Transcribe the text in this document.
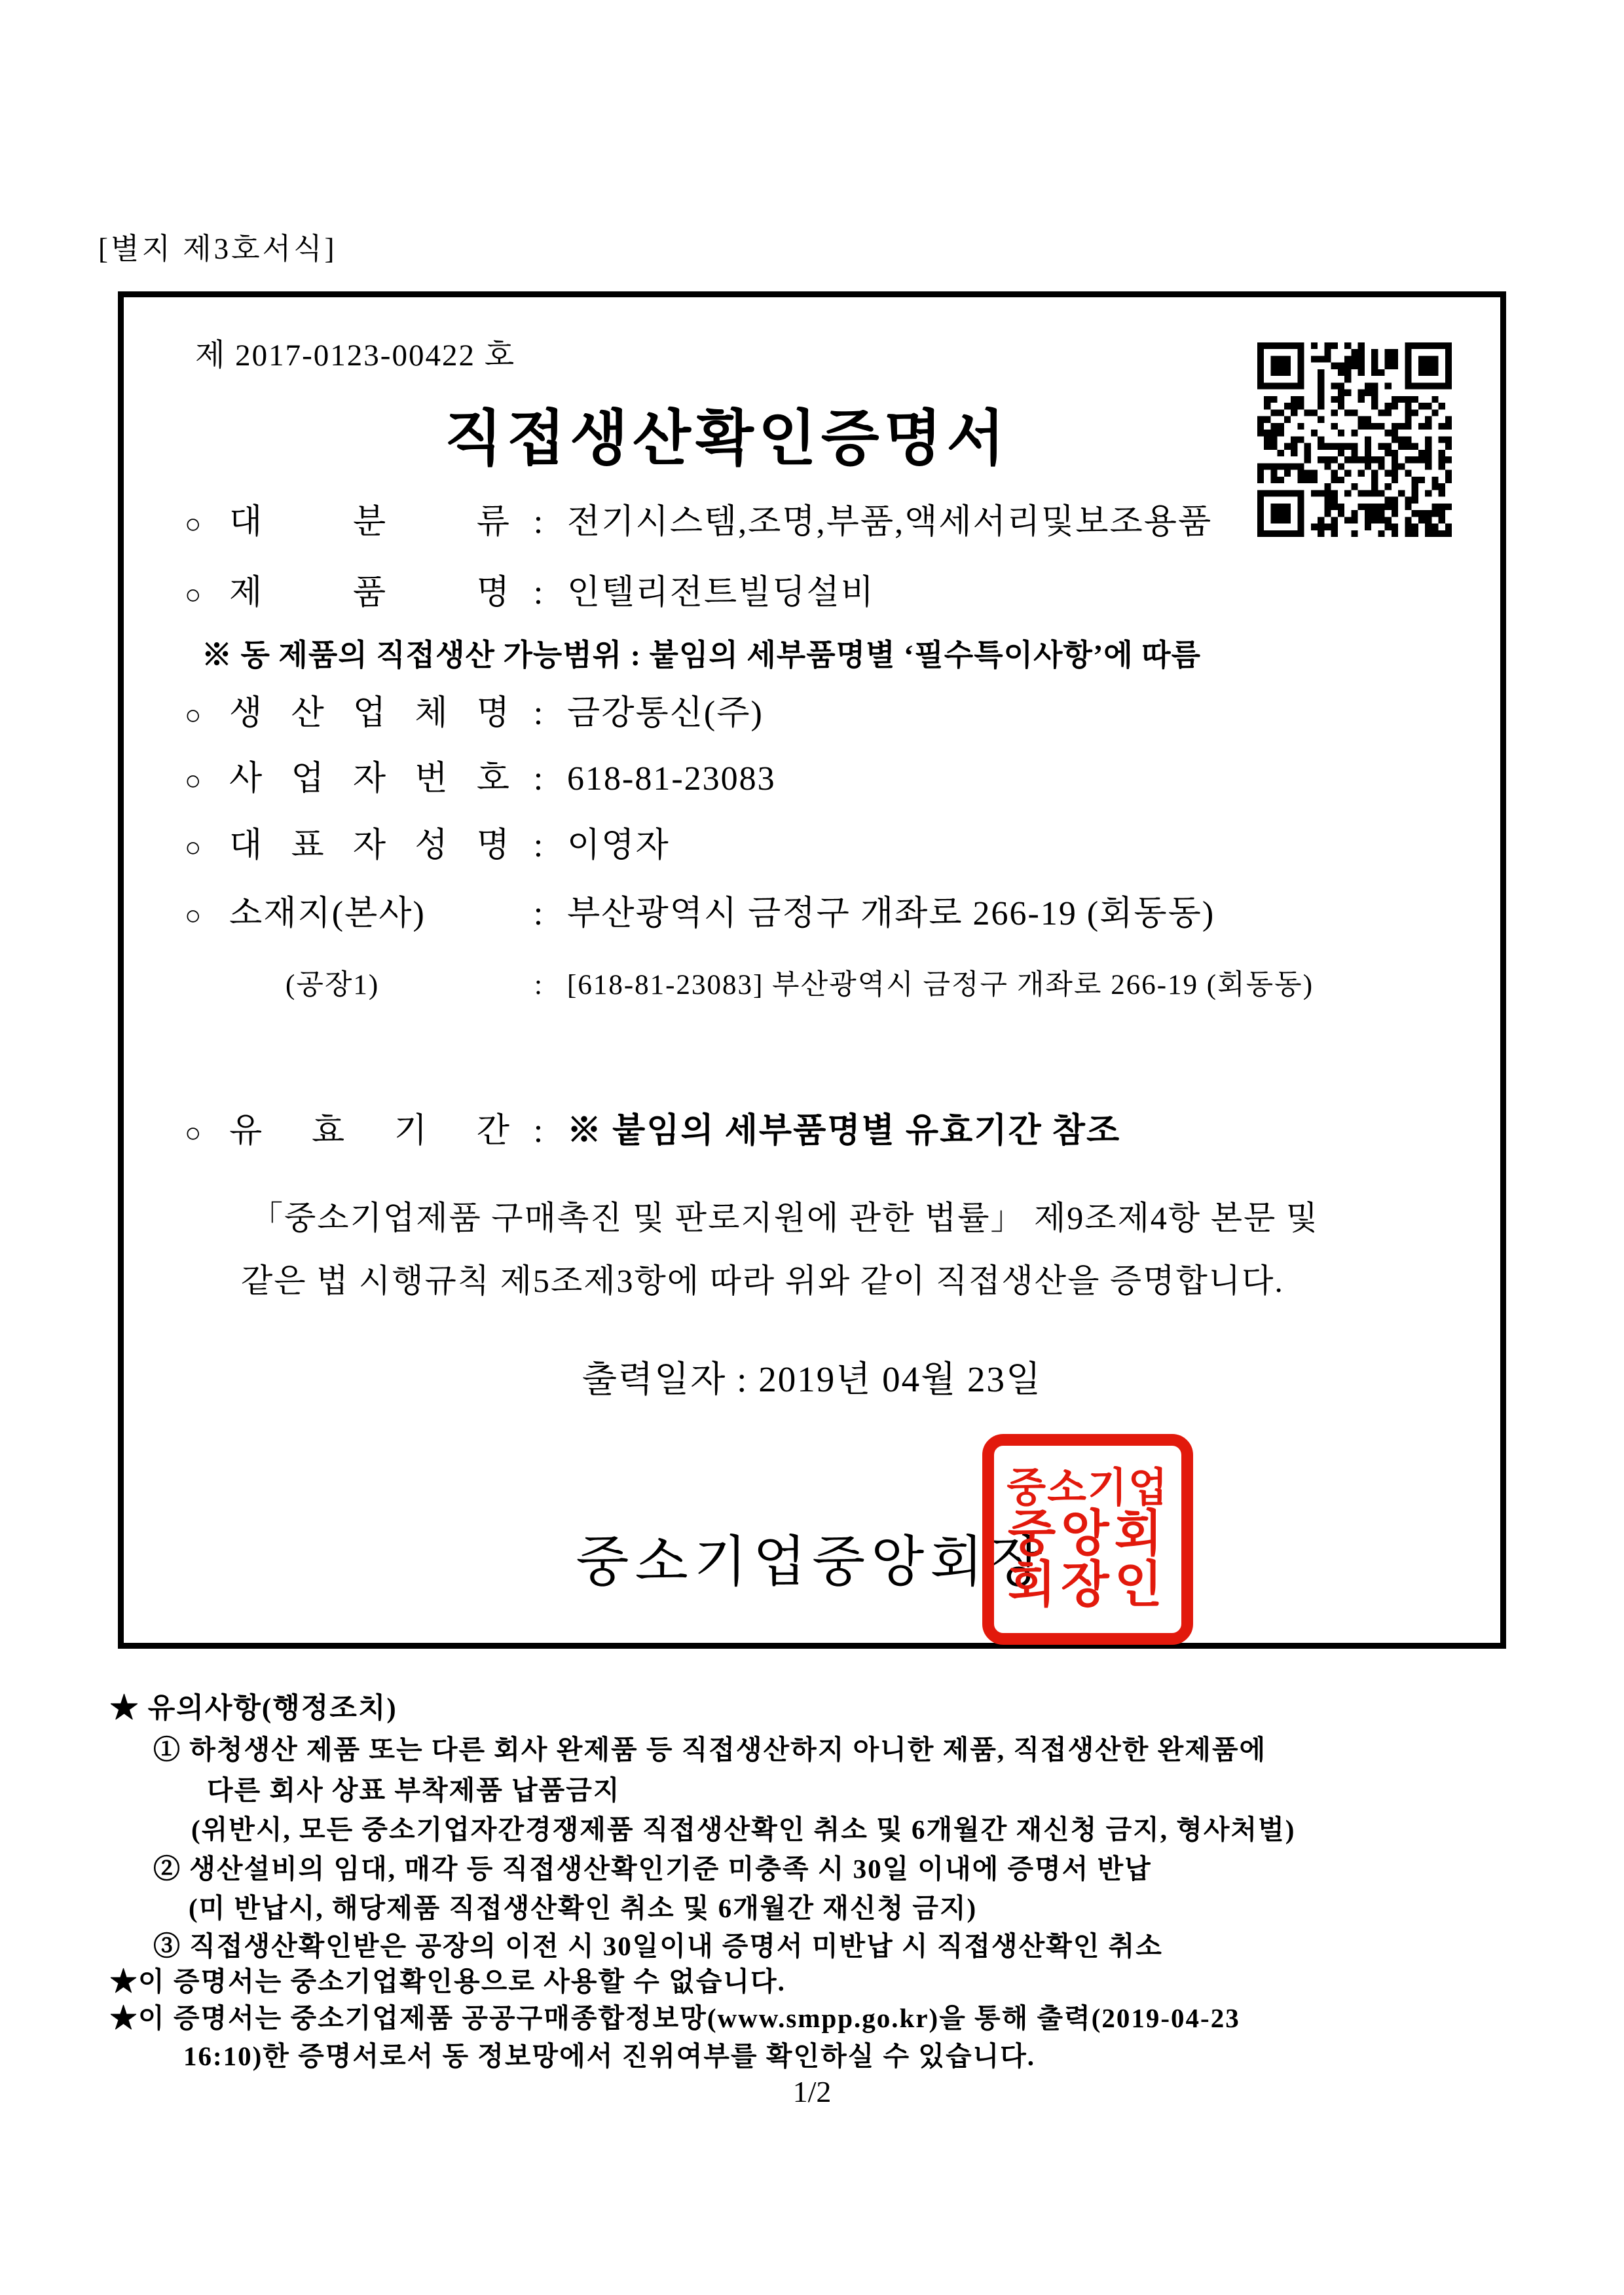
[별지 제3호서식]
제 2017-0123-00422 호
직접생산확인증명서
○ 대 분 류 : 전기시스템,조명,부품,액세서리및보조용품
○ 제 품 명 : 인텔리전트빌딩설비
※ 동 제품의 직접생산 가능범위 : 붙임의 세부품명별 ‘필수특이사항’에 따름
○ 생 산 업 체 명 : 금강통신(주)
○ 사 업 자 번 호 : 618-81-23083
○ 대 표 자 성 명 : 이영자
○ 소재지(본사)	: 부산광역시 금정구 개좌로 266-19 (회동동)
(공장1)	: [618-81-23083] 부산광역시 금정구 개좌로 266-19 (회동동)
○ 유 효 기 간 : ※ 붙임의 세부품명별 유효기간 참조
「중소기업제품 구매촉진 및 판로지원에 관한 법률」 제9조제4항 본문 및
같은 법 시행규칙 제5조제3항에 따라 위와 같이 직접생산을 증명합니다.
출력일자 : 2019년 04월 23일
중소기업중앙회장
중소기업
중앙회
회장인
★ 유의사항(행정조치)
① 하청생산 제품 또는 다른 회사 완제품 등 직접생산하지 아니한 제품, 직접생산한 완제품에
다른 회사 상표 부착제품 납품금지
(위반시, 모든 중소기업자간경쟁제품 직접생산확인 취소 및 6개월간 재신청 금지, 형사처벌)
② 생산설비의 임대, 매각 등 직접생산확인기준 미충족 시 30일 이내에 증명서 반납
(미 반납시, 해당제품 직접생산확인 취소 및 6개월간 재신청 금지)
③ 직접생산확인받은 공장의 이전 시 30일이내 증명서 미반납 시 직접생산확인 취소
★이 증명서는 중소기업확인용으로 사용할 수 없습니다.
★이 증명서는 중소기업제품 공공구매종합정보망(www.smpp.go.kr)을 통해 출력(2019-04-23
16:10)한 증명서로서 동 정보망에서 진위여부를 확인하실 수 있습니다.
1/2
